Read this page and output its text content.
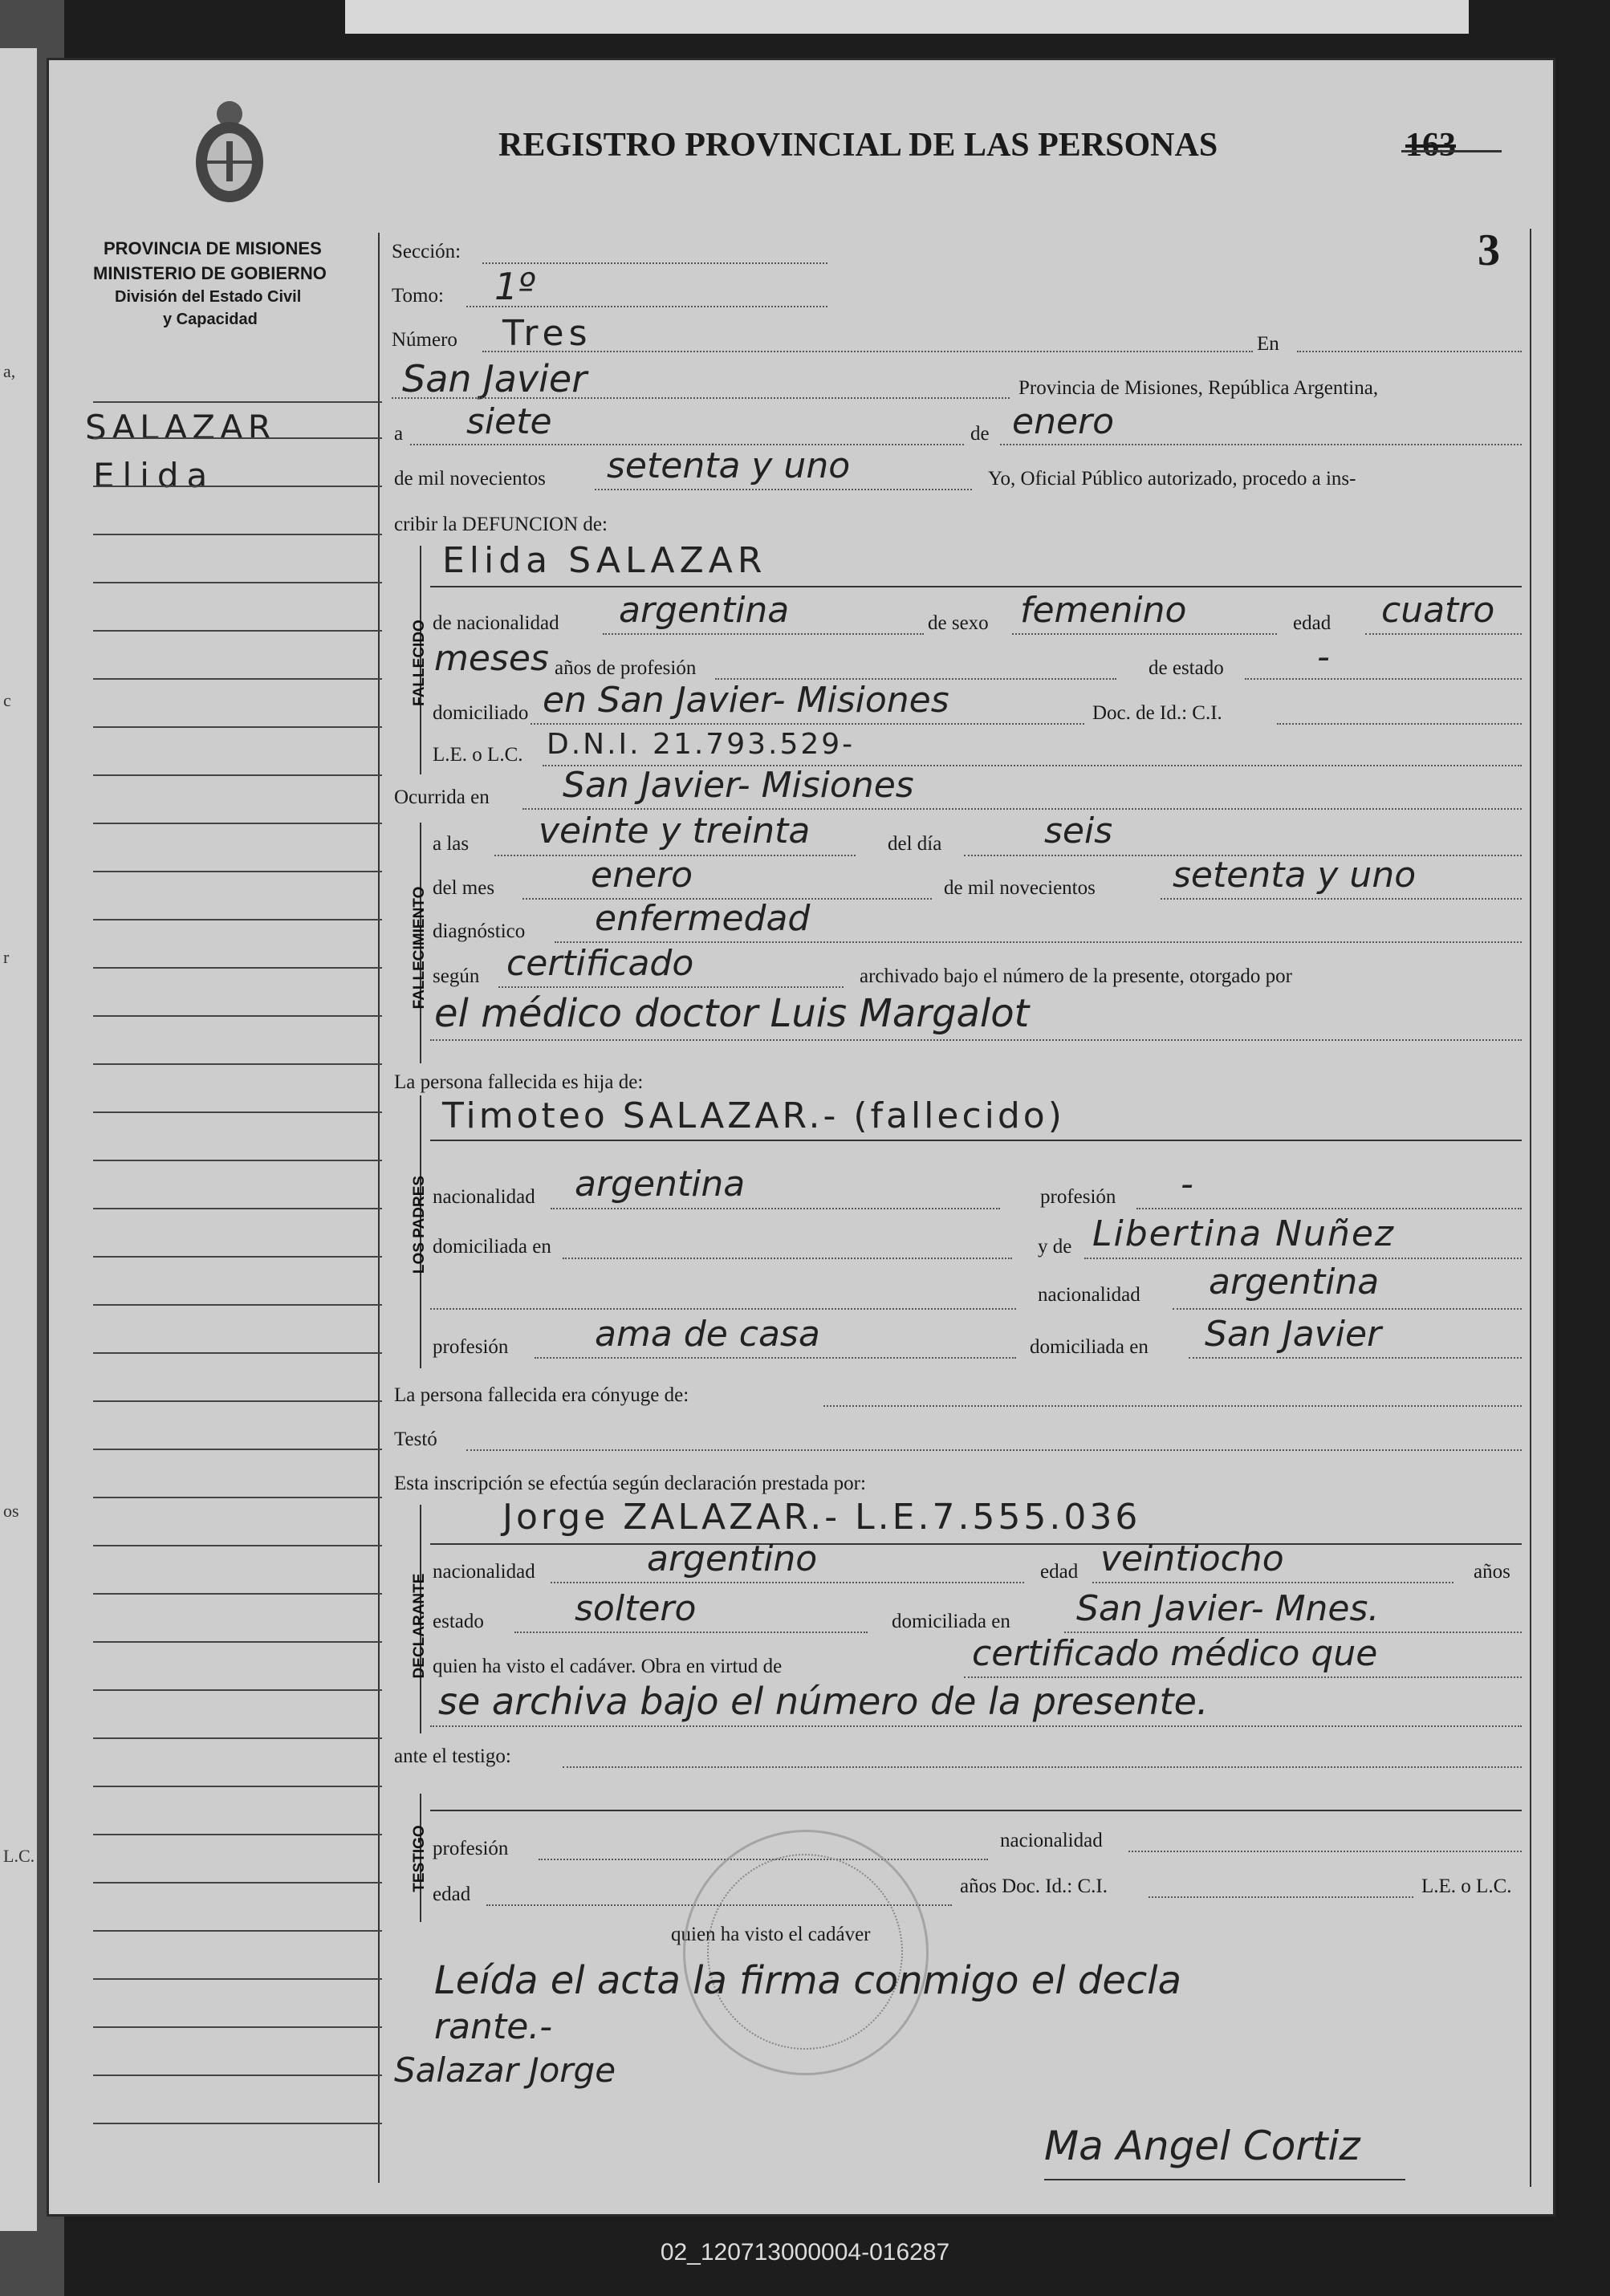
a,
c
r
os
L.C.
PROVINCIA DE MISIONES
MINISTERIO DE GOBIERNO
División del Estado Civil
y Capacidad
REGISTRO PROVINCIAL DE LAS PERSONAS	163
3
SALAZAR
Elida
Sección:
Tomo: 1º
Número Tres	En
San Javier	Provincia de Misiones, República Argentina,
a siete	de enero
de mil novecientos setenta y uno	Yo, Oficial Público autorizado, procedo a ins-
cribir la DEFUNCION de:
FALLECIDO
Elida SALAZAR
de nacionalidad argentina	de sexo femenino	edad cuatro
meses años de profesión	de estado	-
domiciliado en San Javier- Misiones	Doc. de Id.: C.I.
L.E. o L.C. D.N.I. 21.793.529-
Ocurrida en San Javier- Misiones
FALLECIMIENTO
a las veinte y treinta	del día	seis
del mes	enero	de mil novecientos setenta y uno
diagnóstico enfermedad
según certificado	archivado bajo el número de la presente, otorgado por
el médico doctor Luis Margalot
La persona fallecida es hija de:
LOS PADRES
Timoteo SALAZAR.- (fallecido)
nacionalidad argentina	profesión -
domiciliada en	y de Libertina Nuñez
nacionalidad argentina
profesión ama de casa	domiciliada en San Javier
La persona fallecida era cónyuge de:
Testó
Esta inscripción se efectúa según declaración prestada por:
DECLARANTE
Jorge ZALAZAR.- L.E.7.555.036
nacionalidad	argentino	edad veintiocho	años
estado	soltero	domiciliada en San Javier- Mnes.
quien ha visto el cadáver. Obra en virtud de	certificado médico que
se archiva bajo el número de la presente.
ante el testigo:
TESTIGO profesión	nacionalidad
edad	años Doc. Id.: C.I.	L.E. o L.C.
quien ha visto el cadáver
Leída el acta la firma conmigo el decla
rante.-
Salazar Jorge
Ma Angel Cortiz
02_120713000004-016287
